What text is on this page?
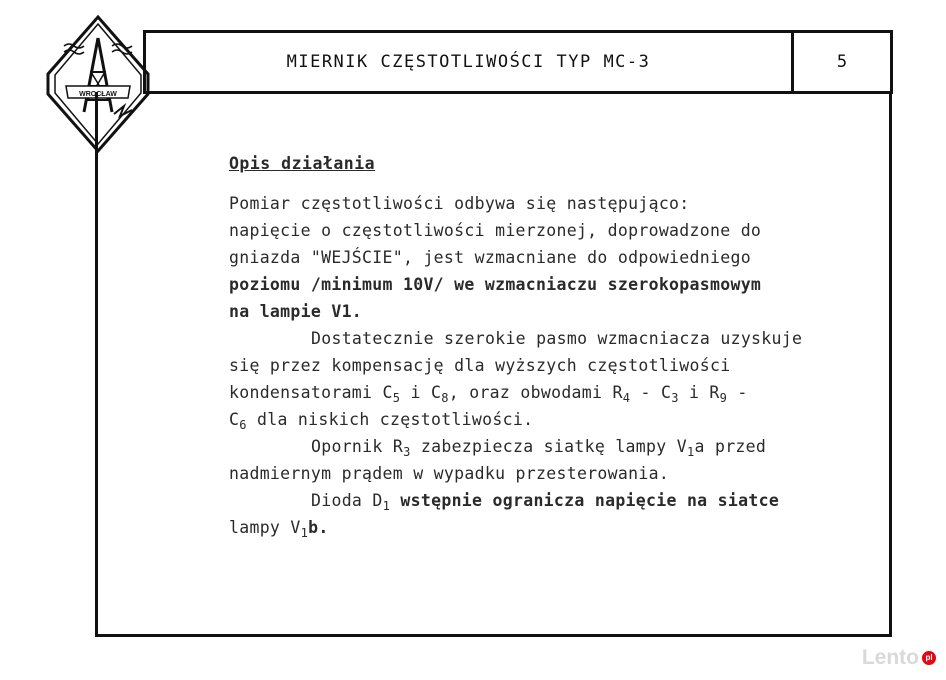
WROCŁAW
MIERNIK CZĘSTOTLIWOŚCI TYP MC-3	5
Opis działania
Pomiar częstotliwości odbywa się następująco:
napięcie o częstotliwości mierzonej, doprowadzone do
gniazda "WEJŚCIE", jest wzmacniane do odpowiedniego
poziomu /minimum 10V/ we wzmacniaczu szerokopasmowym
na lampie V1.
Dostatecznie szerokie pasmo wzmacniacza uzyskuje
się przez kompensację dla wyższych częstotliwości
kondensatorami $C_5$ i $C_8$, oraz obwodami $R_4 - C_3$ i $R_9$ -
$C_6$ dla niskich częstotliwości.
Opornik $R_3$ zabezpiecza siatkę lampy $V_1a$ przed
nadmiernym prądem w wypadku przesterowania.
Dioda $D_1$ wstępnie ogranicza napięcie na siatce
lampy $V_1b$.
Lento pl
